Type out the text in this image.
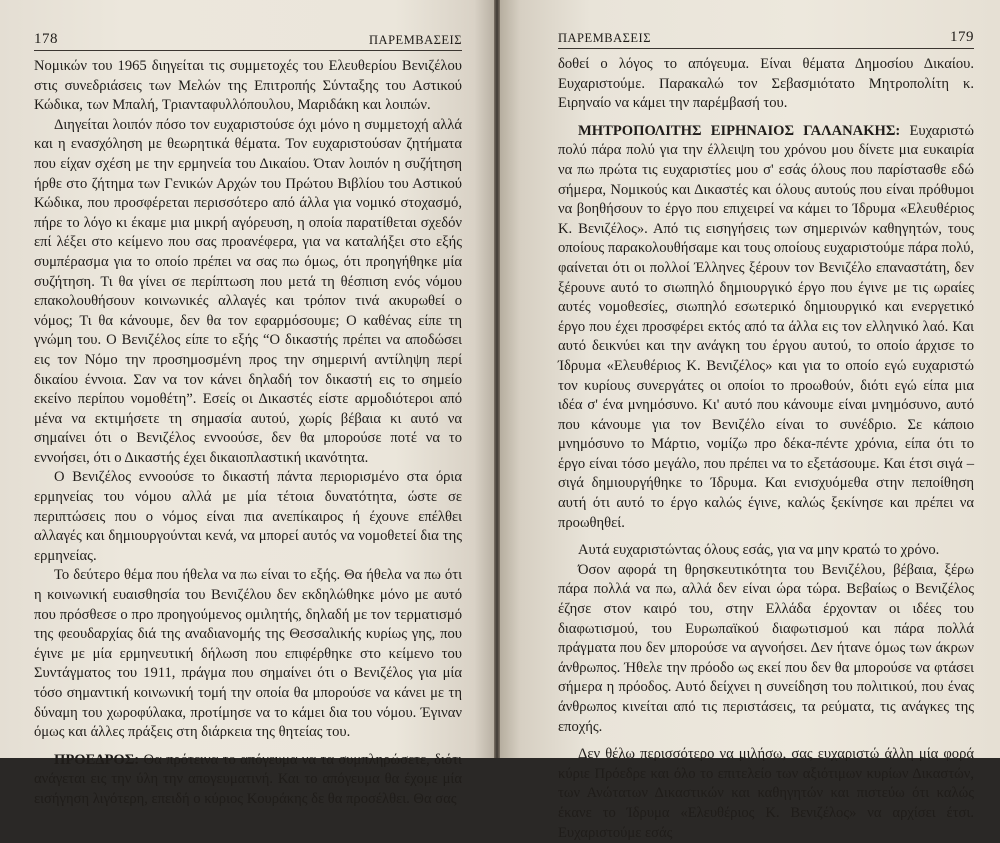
178	ΠΑΡΕΜΒΑΣΕΙΣ

Νομικών του 1965 διηγείται τις συμμετοχές του Ελευθερίου Βενιζέλου στις συνεδριάσεις των Μελών της Επιτροπής Σύνταξης του Αστικού Κώδικα, των Μπαλή, Τριανταφυλλόπουλου, Μαριδάκη και λοιπών.

Διηγείται λοιπόν πόσο τον ευχαριστούσε όχι μόνο η συμμετοχή αλλά και η ενασχόληση με θεωρητικά θέματα. Τον ευχαριστούσαν ζητήματα που είχαν σχέση με την ερμηνεία του Δικαίου. Όταν λοιπόν η συζήτηση ήρθε στο ζήτημα των Γενικών Αρχών του Πρώτου Βιβλίου του Αστικού Κώδικα, που προσφέρεται περισσότερο από άλλα για νομικό στοχασμό, πήρε το λόγο κι έκαμε μια μικρή αγόρευση, η οποία παρατίθεται σχεδόν επί λέξει στο κείμενο που σας προανέφερα, για να καταλήξει στο εξής συμπέρασμα για το οποίο πρέπει να σας πω όμως, ότι προηγήθηκε μία συζήτηση. Τι θα γίνει σε περίπτωση που μετά τη θέσπιση ενός νόμου επακολουθήσουν κοινωνικές αλλαγές και τρόπον τινά ακυρωθεί ο νόμος; Τι θα κάνουμε, δεν θα τον εφαρμόσουμε; Ο καθένας είπε τη γνώμη του. Ο Βενιζέλος είπε το εξής “Ο δικαστής πρέπει να αποδώσει εις τον Νόμο την προσημοσμένη προς την σημερινή αντίληψη περί δικαίου έννοια. Σαν να τον κάνει δηλαδή τον δικαστή εις το σημείο εκείνο περίπου νομοθέτη”. Εσείς οι Δικαστές είστε αρμοδιότεροι από μένα να εκτιμήσετε τη σημασία αυτού, χωρίς βέβαια κι αυτό να σημαίνει ότι ο Βενιζέλος εννοούσε, δεν θα μπορούσε ποτέ να το εννοήσει, ότι ο Δικαστής έχει δικαιοπλαστική ικανότητα.

Ο Βενιζέλος εννοούσε το δικαστή πάντα περιορισμένο στα όρια ερμηνείας του νόμου αλλά με μία τέτοια δυνατότητα, ώστε σε περιπτώσεις που ο νόμος είναι πια ανεπίκαιρος ή έχουνε επέλθει αλλαγές και δημιουργούνται κενά, να μπορεί αυτός να νομοθετεί δια της ερμηνείας.

Το δεύτερο θέμα που ήθελα να πω είναι το εξής. Θα ήθελα να πω ότι η κοινωνική ευαισθησία του Βενιζέλου δεν εκδηλώθηκε μόνο με αυτό που πρόσθεσε ο προ προηγούμενος ομιλητής, δηλαδή με τον τερματισμό της φεουδαρχίας διά της αναδιανομής της Θεσσαλικής κυρίως γης, που έγινε με μία ερμηνευτική δήλωση που επιφέρθηκε στο κείμενο του Συντάγματος του 1911, πράγμα που σημαίνει ότι ο Βενιζέλος για μία τόσο σημαντική κοινωνική τομή την οποία θα μπορούσε να κάνει με τη δύναμη του χωροφύλακα, προτίμησε να το κάμει δια του νόμου. Έγιναν όμως και άλλες πράξεις στη διάρκεια της θητείας του.

ΠΡΟΕΔΡΟΣ: Θα πρότεινα το απόγευμα να τα συμπληρώσετε, διότι ανάγεται εις την ύλη την απογευματινή. Και το απόγευμα θα έχομε μία εισήγηση λιγότερη, επειδή ο κύριος Κουράκης δε θα προσέλθει. Θα σας

ΠΑΡΕΜΒΑΣΕΙΣ	179

δοθεί ο λόγος το απόγευμα. Είναι θέματα Δημοσίου Δικαίου. Ευχαριστούμε. Παρακαλώ τον Σεβασμιότατο Μητροπολίτη κ. Ειρηναίο να κάμει την παρέμβασή του.

ΜΗΤΡΟΠΟΛΙΤΗΣ ΕΙΡΗΝΑΙΟΣ ΓΑΛΑΝΑΚΗΣ: Ευχαριστώ πολύ πάρα πολύ για την έλλειψη του χρόνου μου δίνετε μια ευκαιρία να πω πρώτα τις ευχαριστίες μου σ' εσάς όλους που παρίστασθε εδώ σήμερα, Νομικούς και Δικαστές και όλους αυτούς που είναι πρόθυμοι να βοηθήσουν το έργο που επιχειρεί να κάμει το Ίδρυμα «Ελευθέριος Κ. Βενιζέλος». Από τις εισηγήσεις των σημερινών καθηγητών, τους οποίους παρακολουθήσαμε και τους οποίους ευχαριστούμε πάρα πολύ, φαίνεται ότι οι πολλοί Έλληνες ξέρουν τον Βενιζέλο επαναστάτη, δεν ξέρουνε αυτό το σιωπηλό δημιουργικό έργο που έγινε με τις ωραίες αυτές νομοθεσίες, σιωπηλό εσωτερικό δημιουργικό και ενεργετικό έργο που έχει προσφέρει εκτός από τα άλλα εις τον ελληνικό λαό. Και αυτό δεικνύει και την ανάγκη του έργου αυτού, το οποίο άρχισε το Ίδρυμα «Ελευθέριος Κ. Βενιζέλος» και για το οποίο εγώ ευχαριστώ τον κυρίους συνεργάτες οι οποίοι το προωθούν, διότι εγώ είπα μια ιδέα σ' ένα μνημόσυνο. Κι' αυτό που κάνουμε είναι μνημόσυνο, αυτό που κάνουμε για τον Βενιζέλο είναι το συνέδριο. Σε κάποιο μνημόσυνο το Μάρτιο, νομίζω προ δέκα-πέντε χρόνια, είπα ότι το έργο είναι τόσο μεγάλο, που πρέπει να το εξετάσουμε. Και έτσι σιγά – σιγά δημιουργήθηκε το Ίδρυμα. Και ενισχυόμεθα στην πεποίθηση αυτή ότι αυτό το έργο καλώς έγινε, καλώς ξεκίνησε και πρέπει να προωθηθεί.

Αυτά ευχαριστώντας όλους εσάς, για να μην κρατώ το χρόνο.

Όσον αφορά τη θρησκευτικότητα του Βενιζέλου, βέβαια, ξέρω πάρα πολλά να πω, αλλά δεν είναι ώρα τώρα. Βεβαίως ο Βενιζέλος έζησε στον καιρό του, στην Ελλάδα έρχονταν οι ιδέες του διαφωτισμού, του Ευρωπαϊκού διαφωτισμού και πάρα πολλά πράγματα που δεν μπορούσε να αγνοήσει. Δεν ήτανε όμως των άκρων άνθρωπος. Ήθελε την πρόοδο ως εκεί που δεν θα μπορούσε να φτάσει σήμερα η πρόοδος. Αυτό δείχνει η συνείδηση του πολιτικού, που ένας άνθρωπος κινείται από τις περιστάσεις, τα ρεύματα, τις ανάγκες της εποχής.

Δεν θέλω περισσότερο να μιλήσω, σας ευχαριστώ άλλη μία φορά κύριε Πρόεδρε και όλο το επιτελείο των αξιότιμων κυρίων Δικαστών, των Ανώτατων Δικαστικών και καθηγητών και πιστεύω ότι καλώς έκανε το Ίδρυμα «Ελευθέριος Κ. Βενιζέλος» να αρχίσει έτσι. Ευχαριστούμε εσάς
